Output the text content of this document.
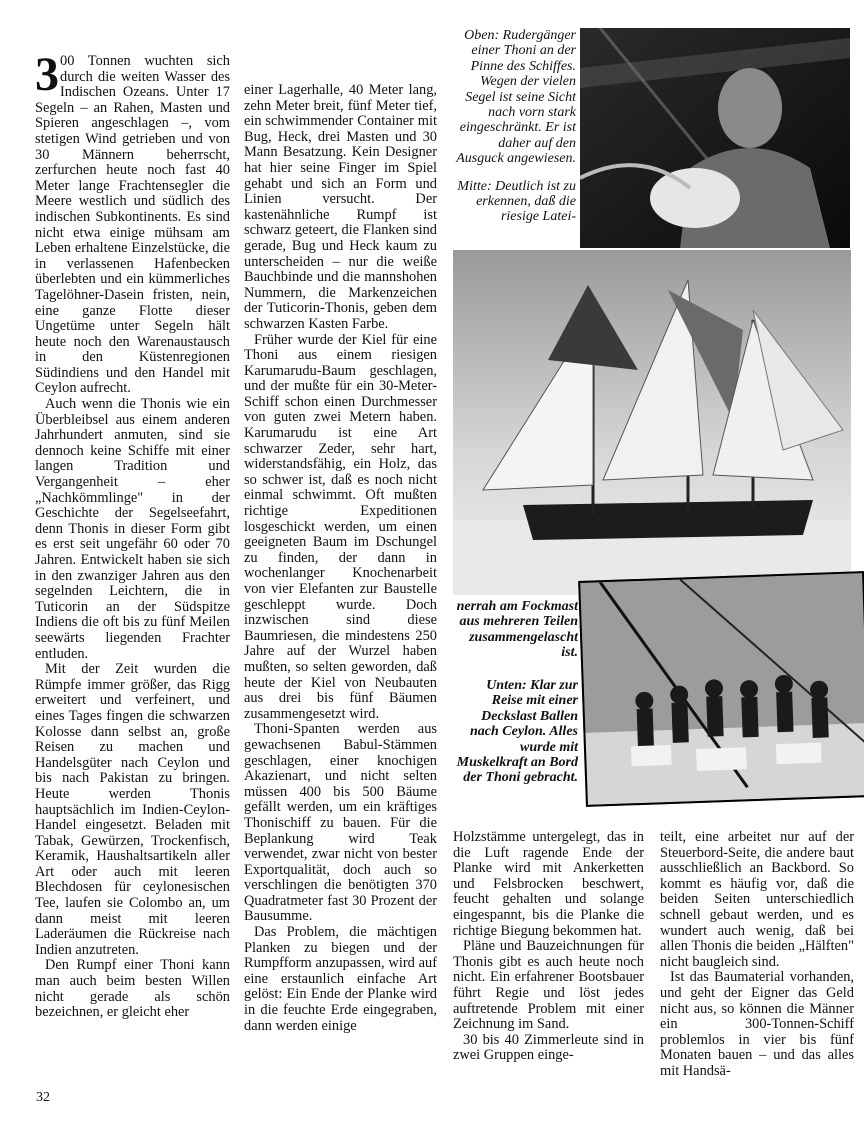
3 00 Tonnen wuchten sich durch die weiten Wasser des Indischen Ozeans. Unter 17 Segeln – an Rahen, Masten und Spieren angeschlagen –, vom stetigen Wind getrieben und von 30 Männern beherrscht, zerfurchen heute noch fast 40 Meter lange Frachtensegler die Meere westlich und südlich des indischen Subkontinents. Es sind nicht etwa einige mühsam am Leben erhaltene Einzelstücke, die in verlassenen Hafenbecken überlebten und ein kümmerliches Tagelöhner-Dasein fristen, nein, eine ganze Flotte dieser Ungetüme unter Segeln hält heute noch den Warenaustausch in den Küstenregionen Südindiens und den Handel mit Ceylon aufrecht.

Auch wenn die Thonis wie ein Überbleibsel aus einem anderen Jahrhundert anmuten, sind sie dennoch keine Schiffe mit einer langen Tradition und Vergangenheit – eher „Nachkömmlinge" in der Geschichte der Segelseefahrt, denn Thonis in dieser Form gibt es erst seit ungefähr 60 oder 70 Jahren. Entwickelt haben sie sich in den zwanziger Jahren aus den segelnden Leichtern, die in Tuticorin an der Südspitze Indiens die oft bis zu fünf Meilen seewärts liegenden Frachter entluden.

Mit der Zeit wurden die Rümpfe immer größer, das Rigg erweitert und verfeinert, und eines Tages fingen die schwarzen Kolosse dann selbst an, große Reisen zu machen und Handelsgüter nach Ceylon und bis nach Pakistan zu bringen. Heute werden Thonis hauptsächlich im Indien-Ceylon-Handel eingesetzt. Beladen mit Tabak, Gewürzen, Trockenfisch, Keramik, Haushaltsartikeln aller Art oder auch mit leeren Blechdosen für ceylonesischen Tee, laufen sie Colombo an, um dann meist mit leeren Laderäumen die Rückreise nach Indien anzutreten.

Den Rumpf einer Thoni kann man auch beim besten Willen nicht gerade als schön bezeichnen, er gleicht eher

einer Lagerhalle, 40 Meter lang, zehn Meter breit, fünf Meter tief, ein schwimmender Container mit Bug, Heck, drei Masten und 30 Mann Besatzung. Kein Designer hat hier seine Finger im Spiel gehabt und sich an Form und Linien versucht. Der kastenähnliche Rumpf ist schwarz geteert, die Flanken sind gerade, Bug und Heck kaum zu unterscheiden – nur die weiße Bauchbinde und die mannshohen Nummern, die Markenzeichen der Tuticorin-Thonis, geben dem schwarzen Kasten Farbe.

Früher wurde der Kiel für eine Thoni aus einem riesigen Karumarudu-Baum geschlagen, und der mußte für ein 30-Meter-Schiff schon einen Durchmesser von guten zwei Metern haben. Karumarudu ist eine Art schwarzer Zeder, sehr hart, widerstandsfähig, ein Holz, das so schwer ist, daß es noch nicht einmal schwimmt. Oft mußten richtige Expeditionen losgeschickt werden, um einen geeigneten Baum im Dschungel zu finden, der dann in wochenlanger Knochenarbeit von vier Elefanten zur Baustelle geschleppt wurde. Doch inzwischen sind diese Baumriesen, die mindestens 250 Jahre auf der Wurzel haben mußten, so selten geworden, daß heute der Kiel von Neubauten aus drei bis fünf Bäumen zusammengesetzt wird.

Thoni-Spanten werden aus gewachsenen Babul-Stämmen geschlagen, einer knochigen Akazienart, und nicht selten müssen 400 bis 500 Bäume gefällt werden, um ein kräftiges Thonischiff zu bauen. Für die Beplankung wird Teak verwendet, zwar nicht von bester Exportqualität, doch auch so verschlingen die benötigten 370 Quadratmeter fast 30 Prozent der Bausumme.

Das Problem, die mächtigen Planken zu biegen und der Rumpfform anzupassen, wird auf eine erstaunlich einfache Art gelöst: Ein Ende der Planke wird in die feuchte Erde eingegraben, dann werden einige

Holzstämme untergelegt, das in die Luft ragende Ende der Planke wird mit Ankerketten und Felsbrocken beschwert, feucht gehalten und solange eingespannt, bis die Planke die richtige Biegung bekommen hat.

Pläne und Bauzeichnungen für Thonis gibt es auch heute noch nicht. Ein erfahrener Bootsbauer führt Regie und löst jedes auftretende Problem mit einer Zeichnung im Sand.

30 bis 40 Zimmerleute sind in zwei Gruppen einge-

teilt, eine arbeitet nur auf der Steuerbord-Seite, die andere baut ausschließlich an Backbord. So kommt es häufig vor, daß die beiden Seiten unterschiedlich schnell gebaut werden, und es wundert auch wenig, daß bei allen Thonis die beiden „Hälften" nicht baugleich sind.

Ist das Baumaterial vorhanden, und geht der Eigner das Geld nicht aus, so können die Männer ein 300-Tonnen-Schiff problemlos in vier bis fünf Monaten bauen – und das alles mit Handsä-

Oben: Rudergänger einer Thoni an der Pinne des Schiffes. Wegen der vielen Segel ist seine Sicht nach vorn stark eingeschränkt. Er ist daher auf den Ausguck angewiesen.

Mitte: Deutlich ist zu erkennen, daß die riesige Latei-

nerrah am Fockmast aus mehreren Teilen zusammengelascht ist.

Unten: Klar zur Reise mit einer Deckslast Ballen nach Ceylon. Alles wurde mit Muskelkraft an Bord der Thoni gebracht.

32
